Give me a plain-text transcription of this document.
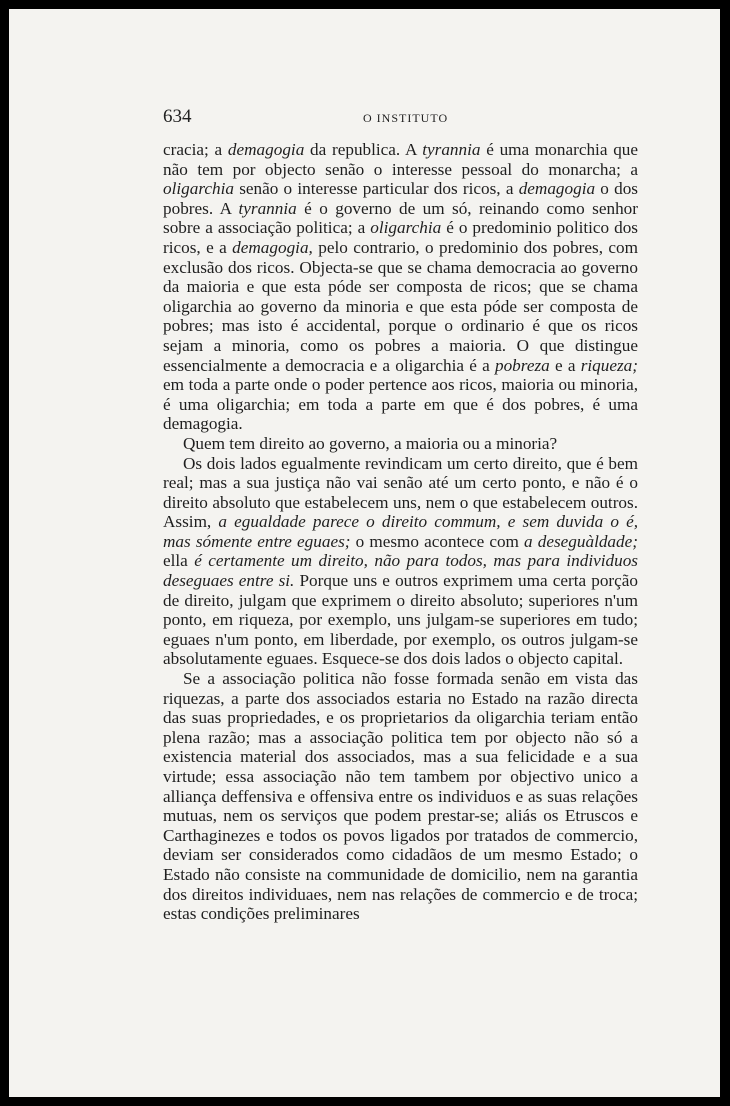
634	O INSTITUTO

cracia; a demagogia da republica. A tyrannia é uma monarchia que não tem por objecto senão o interesse pessoal do monarcha; a oligarchia senão o interesse particular dos ricos, a demagogia o dos pobres. A tyrannia é o governo de um só, reinando como senhor sobre a associação politica; a oligarchia é o predominio politico dos ricos, e a demagogia, pelo contrario, o predominio dos pobres, com exclusão dos ricos. Objecta-se que se chama democracia ao governo da maioria e que esta póde ser composta de ricos; que se chama oligarchia ao governo da minoria e que esta póde ser composta de pobres; mas isto é accidental, porque o ordinario é que os ricos sejam a minoria, como os pobres a maioria. O que distingue essencialmente a democracia e a oligarchia é a pobreza e a riqueza; em toda a parte onde o poder pertence aos ricos, maioria ou minoria, é uma oligarchia; em toda a parte em que é dos pobres, é uma demagogia.

Quem tem direito ao governo, a maioria ou a minoria?

Os dois lados egualmente revindicam um certo direito, que é bem real; mas a sua justiça não vai senão até um certo ponto, e não é o direito absoluto que estabelecem uns, nem o que estabelecem outros. Assim, a egualdade parece o direito commum, e sem duvida o é, mas sómente entre eguaes; o mesmo acontece com a deseguàldade; ella é certamente um direito, não para todos, mas para individuos deseguaes entre si. Porque uns e outros exprimem uma certa porção de direito, julgam que exprimem o direito absoluto; superiores n'um ponto, em riqueza, por exemplo, uns julgam-se superiores em tudo; eguaes n'um ponto, em liberdade, por exemplo, os outros julgam-se absolutamente eguaes. Esquece-se dos dois lados o objecto capital.

Se a associação politica não fosse formada senão em vista das riquezas, a parte dos associados estaria no Estado na razão directa das suas propriedades, e os proprietarios da oligarchia teriam então plena razão; mas a associação politica tem por objecto não só a existencia material dos associados, mas a sua felicidade e a sua virtude; essa associação não tem tambem por objectivo unico a alliança deffensiva e offensiva entre os individuos e as suas relações mutuas, nem os serviços que podem prestar-se; aliás os Etruscos e Carthaginezes e todos os povos ligados por tratados de commercio, deviam ser considerados como cidadãos de um mesmo Estado; o Estado não consiste na communidade de domicilio, nem na garantia dos direitos individuaes, nem nas relações de commercio e de troca; estas condições preliminares
